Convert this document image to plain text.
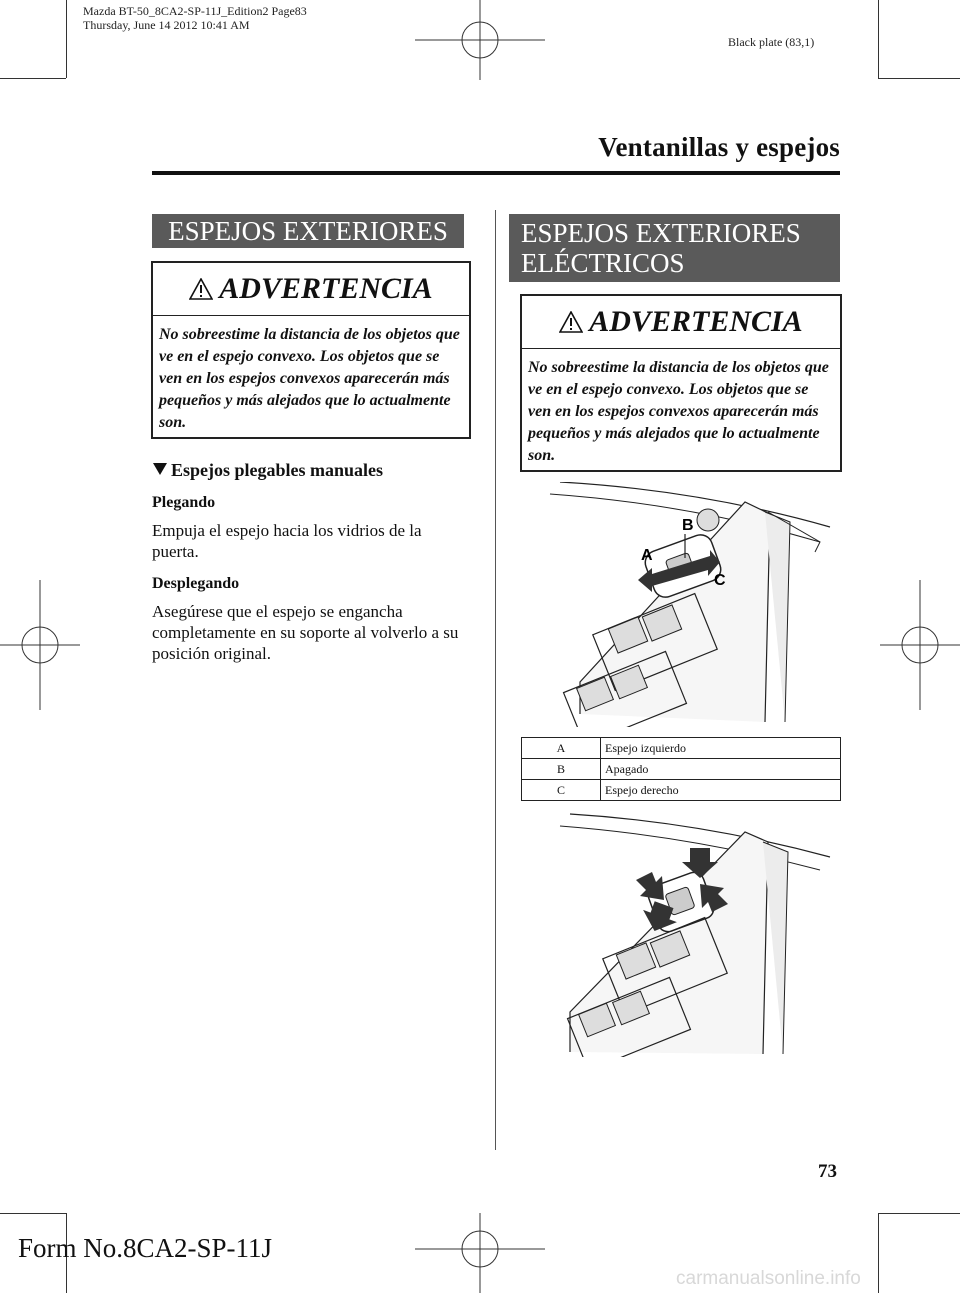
Mazda BT-50_8CA2-SP-11J_Edition2 Page83
Thursday, June 14 2012 10:41 AM
Black plate (83,1)
Ventanillas y espejos
ESPEJOS EXTERIORES
ADVERTENCIA
No sobreestime la distancia de los objetos que ve en el espejo convexo. Los objetos que se ven en los espejos convexos aparecerán más pequeños y más alejados que lo actualmente son.
Espejos plegables manuales
Plegando
Empuja el espejo hacia los vidrios de la puerta.
Desplegando
Asegúrese que el espejo se engancha completamente en su soporte al volverlo a su posición original.
ESPEJOS EXTERIORES
ELÉCTRICOS
ADVERTENCIA
No sobreestime la distancia de los objetos que ve en el espejo convexo. Los objetos que se ven en los espejos convexos aparecerán más pequeños y más alejados que lo actualmente son.
A
B
C
A	Espejo izquierdo
B	Apagado
C	Espejo derecho
73
Form No.8CA2-SP-11J
carmanualsonline.info
